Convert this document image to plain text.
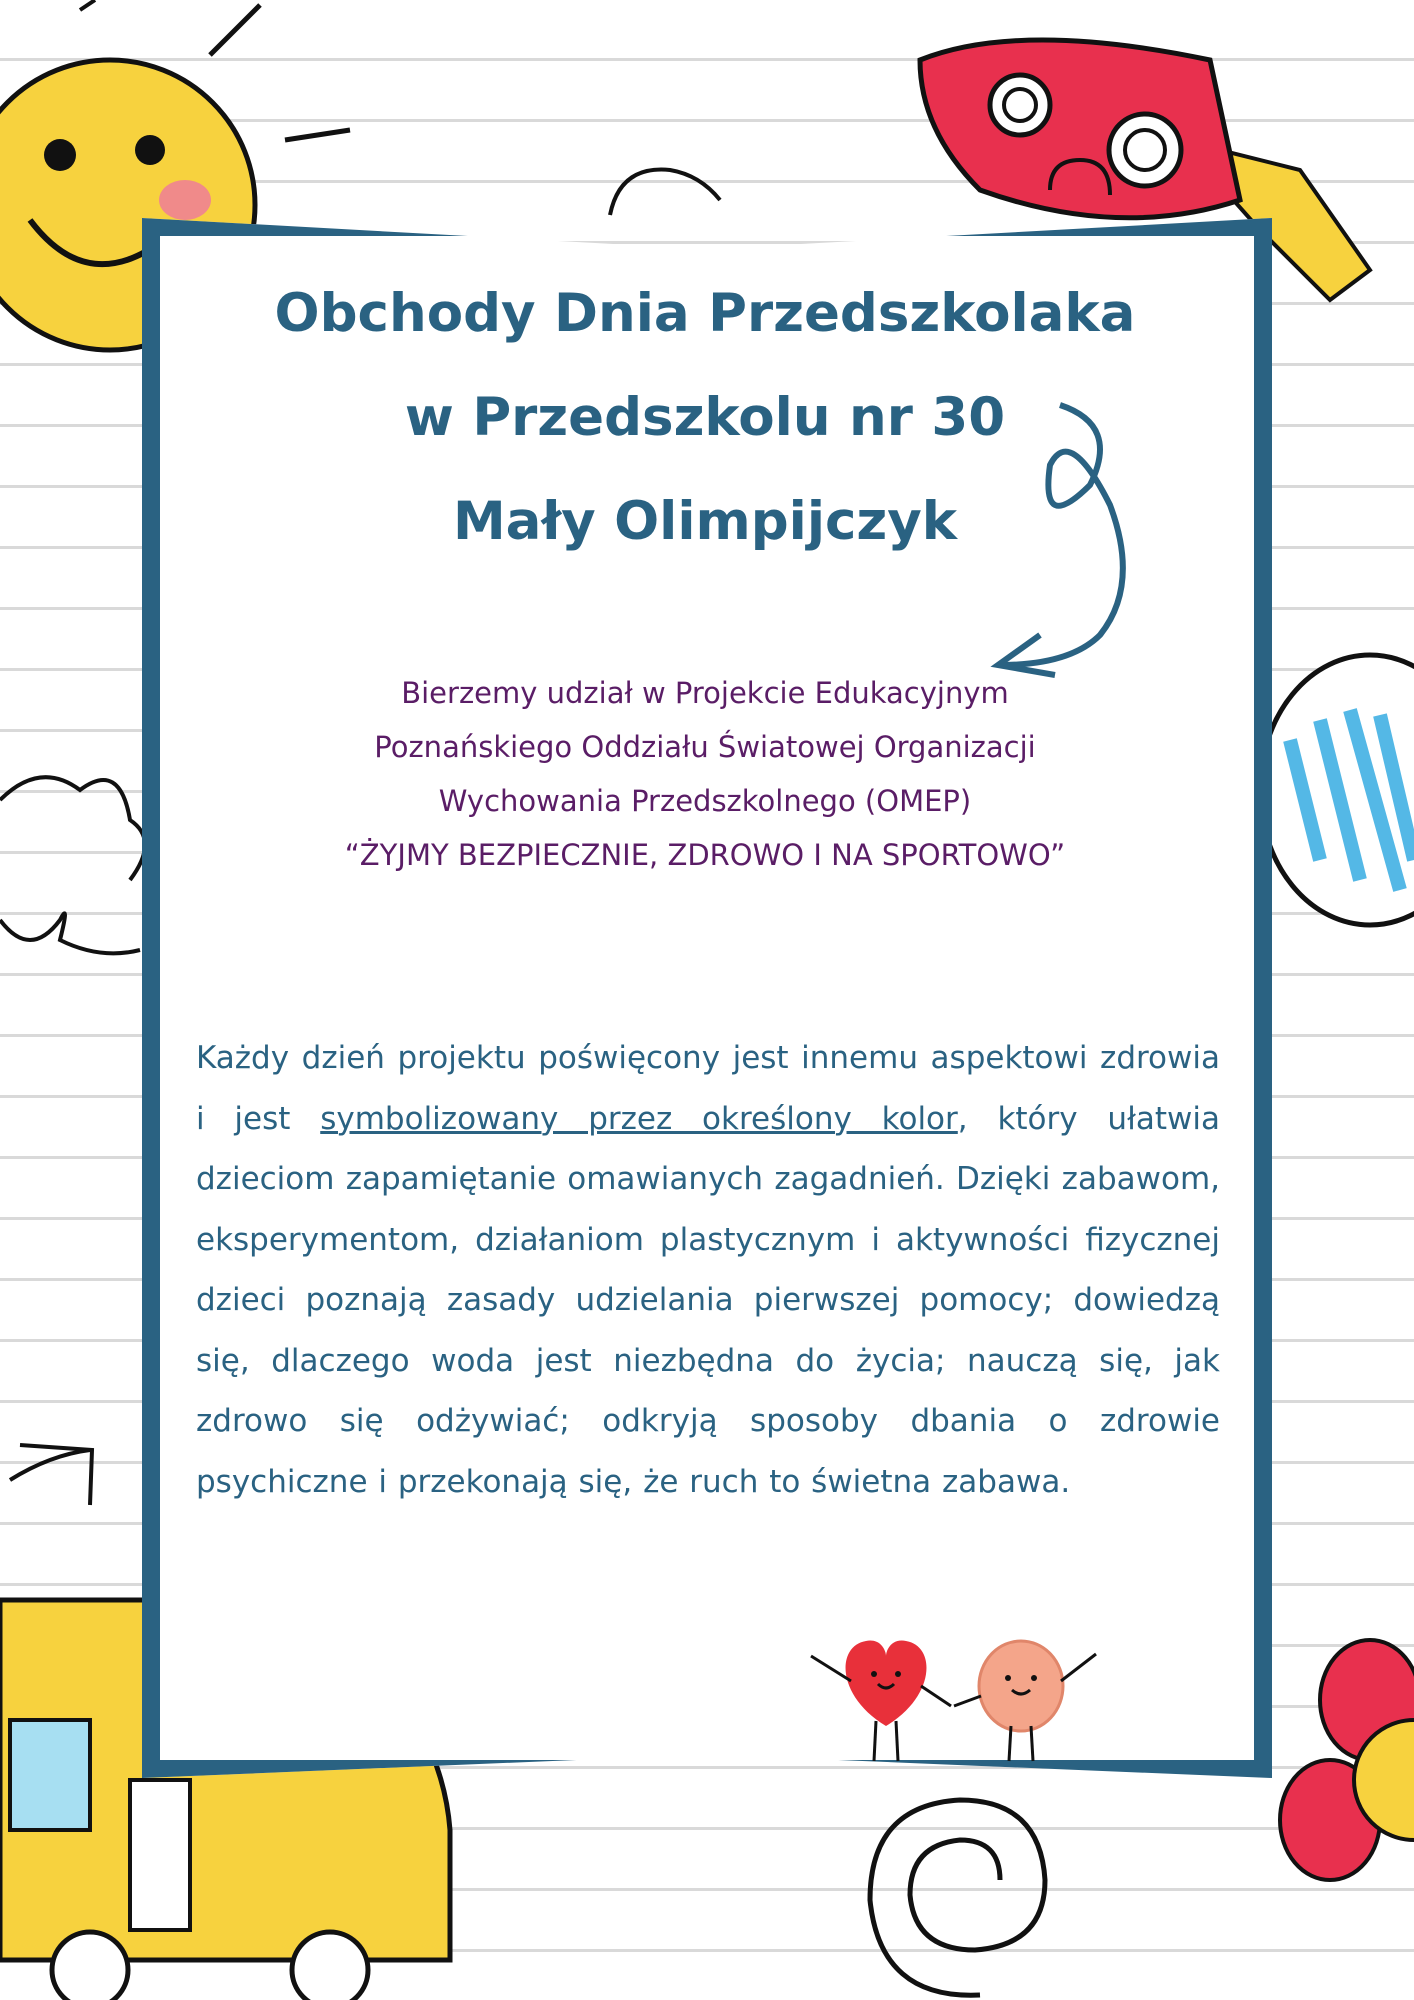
Obchody Dnia Przedszkolaka
w Przedszkolu nr 30
Mały Olimpijczyk

Bierzemy udział w Projekcie Edukacyjnym
Poznańskiego Oddziału Światowej Organizacji
Wychowania Przedszkolnego (OMEP)
“ŻYJMY BEZPIECZNIE, ZDROWO I NA SPORTOWO”

Każdy dzień projektu poświęcony jest innemu aspektowi zdrowia i jest symbolizowany przez określony kolor, który ułatwia dzieciom zapamiętanie omawianych zagadnień. Dzięki zabawom, eksperymentom, działaniom plastycznym i aktywności fizycznej dzieci poznają zasady udzielania pierwszej pomocy; dowiedzą się, dlaczego woda jest niezbędna do życia; nauczą się, jak zdrowo się odżywiać; odkryją sposoby dbania o zdrowie psychiczne i przekonają się, że ruch to świetna zabawa.
